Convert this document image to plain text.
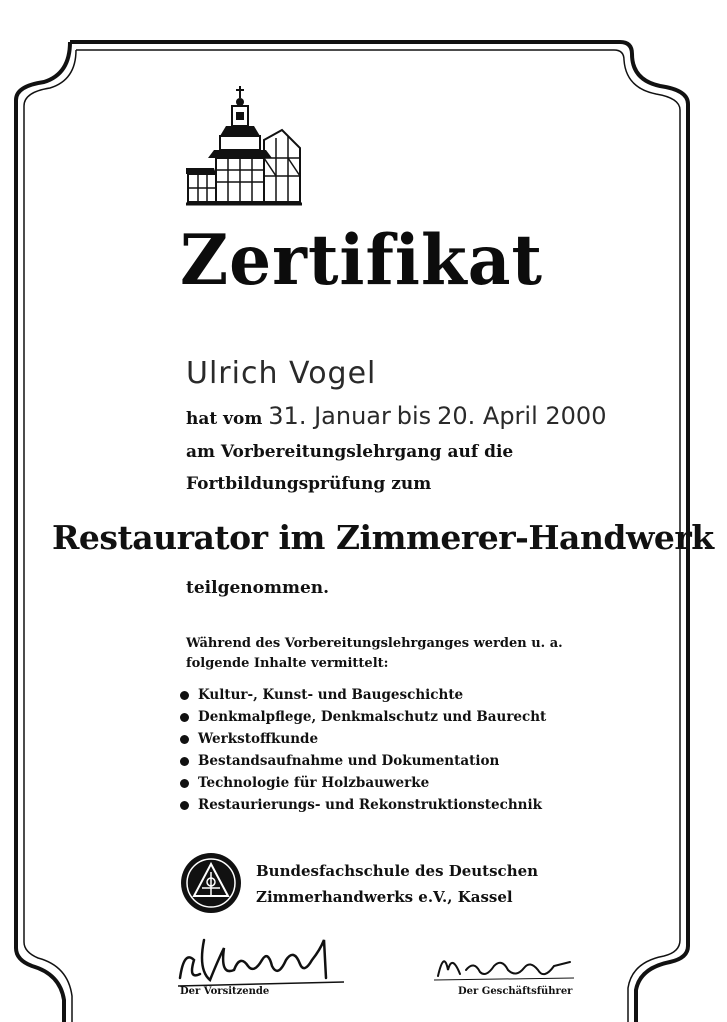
Zertifikat
Ulrich Vogel
hat vom 31. Januar bis 20. April 2000
am Vorbereitungslehrgang auf die
Fortbildungsprüfung zum
Restaurator im Zimmerer-Handwerk
teilgenommen.
Während des Vorbereitungslehrganges werden u. a. folgende Inhalte vermittelt:
Kultur-, Kunst- und Baugeschichte
Denkmalpflege, Denkmalschutz und Baurecht
Werkstoffkunde
Bestandsaufnahme und Dokumentation
Technologie für Holzbauwerke
Restaurierungs- und Rekonstruktionstechnik
Bundesfachschule des Deutschen
Zimmerhandwerks e.V., Kassel
Der Vorsitzende	Der Geschäftsführer
